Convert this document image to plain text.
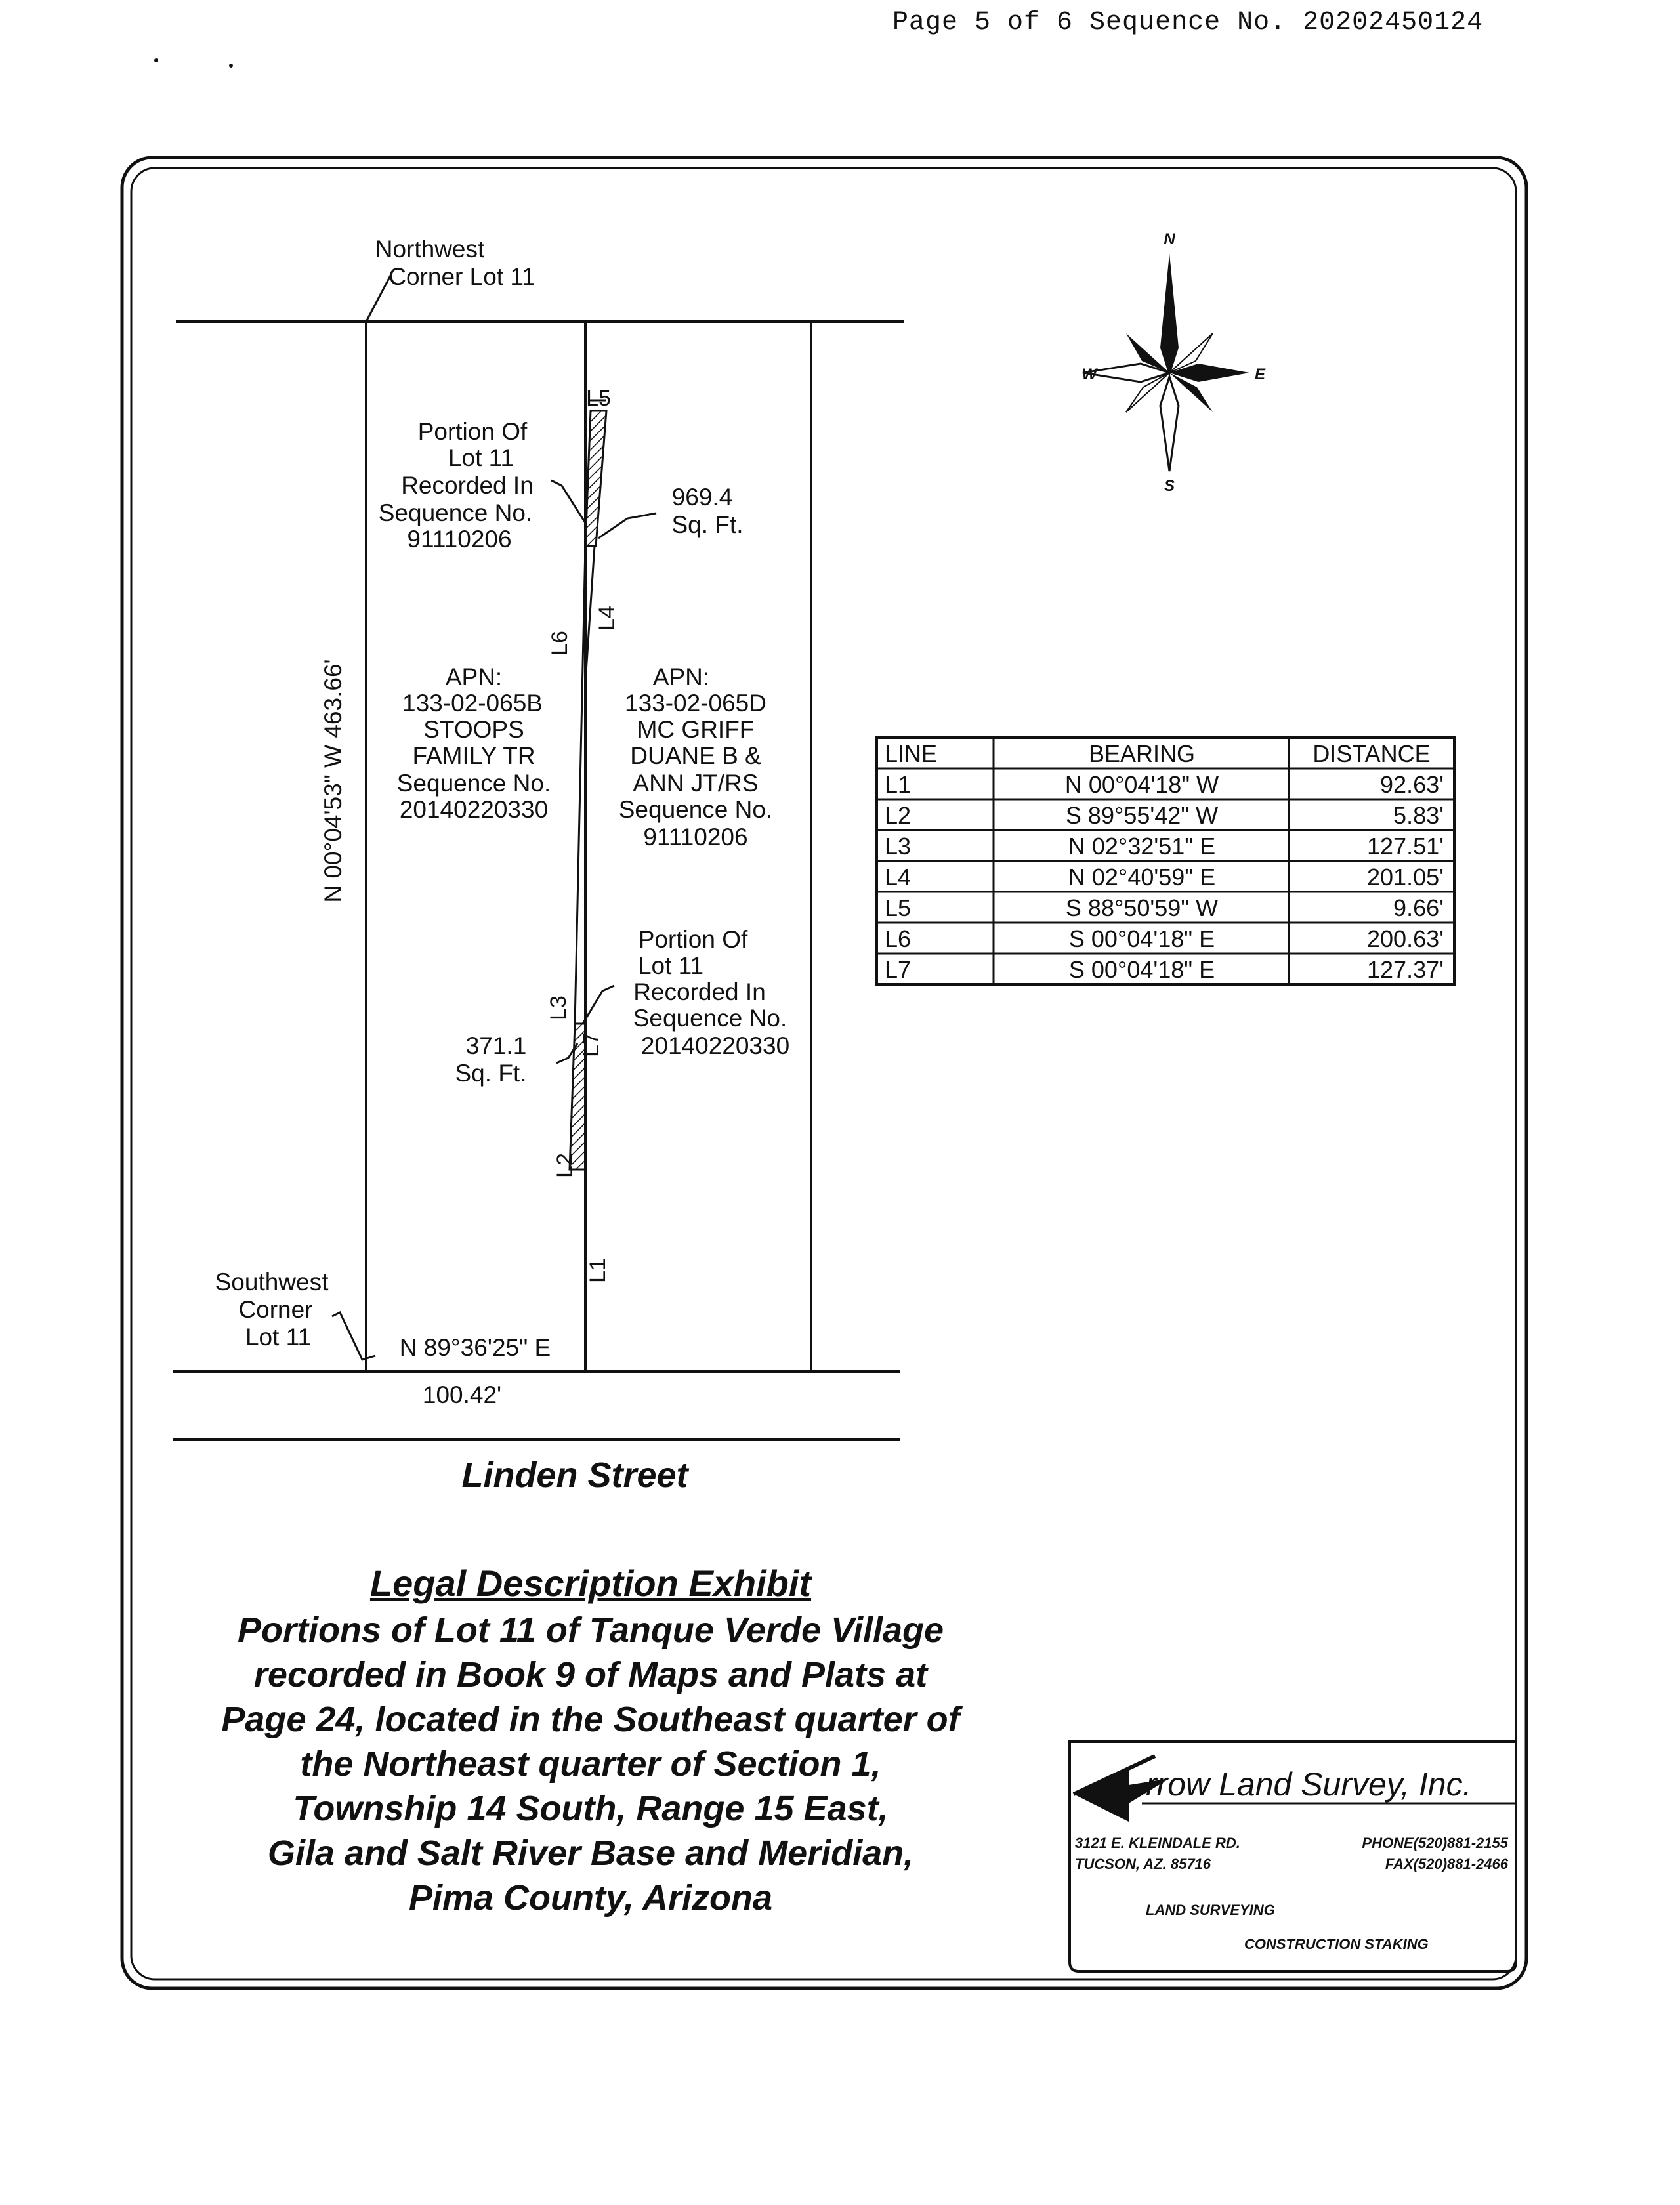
Page 5 of 6 Sequence No. 20202450124
Northwest
Corner Lot 11
Portion Of
Lot 11
Recorded In
Sequence No.
91110206
969.4
Sq. Ft.
APN:
133-02-065B
STOOPS
FAMILY TR
Sequence No.
20140220330
APN:
133-02-065D
MC GRIFF
DUANE B &
ANN JT/RS
Sequence No.
91110206
Portion Of
Lot 11
Recorded In
Sequence No.
20140220330
371.1
Sq. Ft.
Southwest
Corner
Lot 11	N 89°36'25" E
100.42'
N 00°04'53" W 463.66'
L5
L4
L6
L3
L7
L2
L1
Linden Street
N
S
E
W
LINE	BEARING	DISTANCE
L1	N 00°04'18" W	92.63'
L2	S 89°55'42" W	5.83'
L3	N 02°32'51" E	127.51'
L4	N 02°40'59" E	201.05'
L5	S 88°50'59" W	9.66'
L6	S 00°04'18" E	200.63'
L7	S 00°04'18" E	127.37'
rrow Land Survey, Inc.
3121 E. KLEINDALE RD.
TUCSON, AZ. 85716
PHONE(520)881-2155
FAX(520)881-2466
LAND SURVEYING
CONSTRUCTION STAKING
Legal Description Exhibit
Portions of Lot 11 of Tanque Verde Village
recorded in Book 9 of Maps and Plats at
Page 24, located in the Southeast quarter of
the Northeast quarter of Section 1,
Township 14 South, Range 15 East,
Gila and Salt River Base and Meridian,
Pima County, Arizona
